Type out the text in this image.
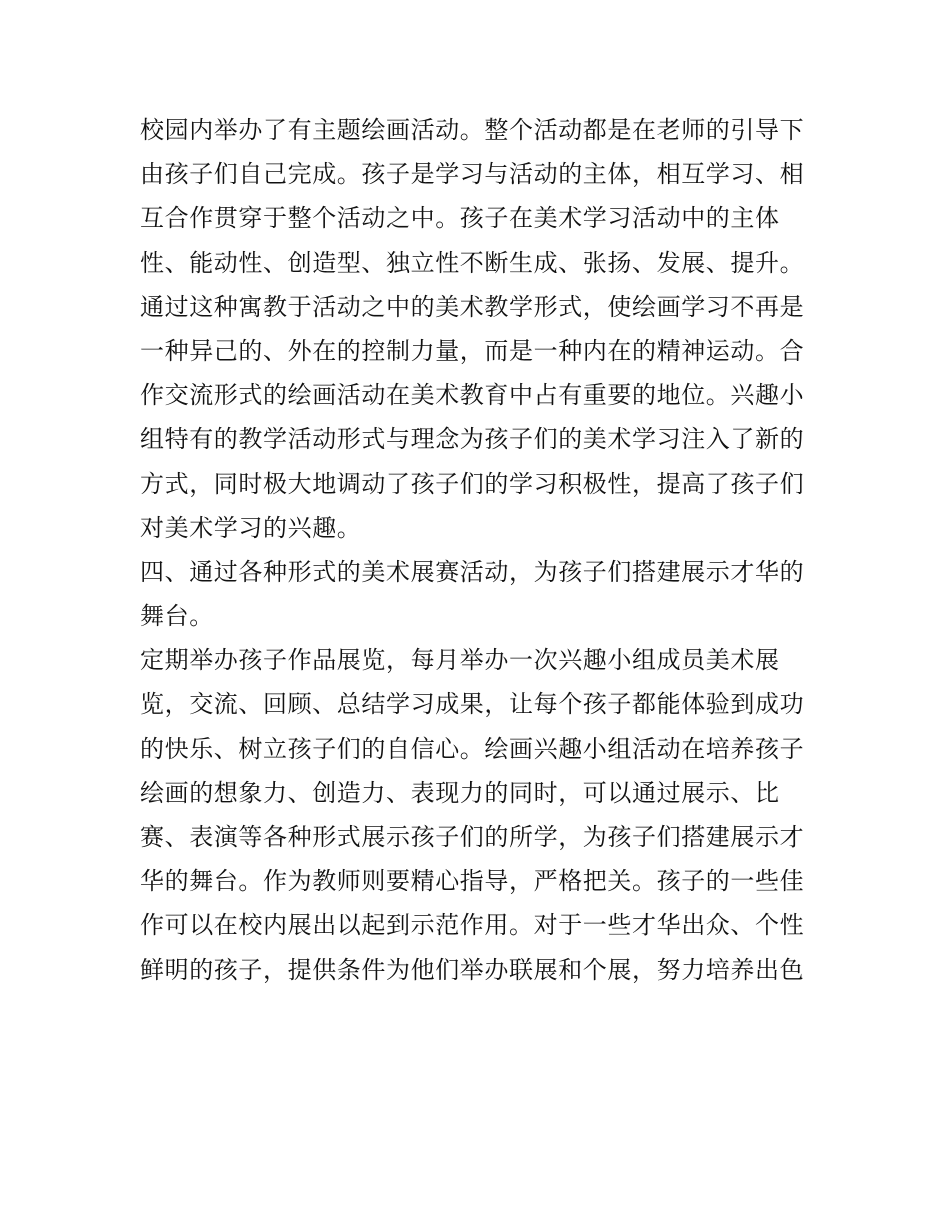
校园内举办了有主题绘画活动。整个活动都是在老师的引导下
由孩子们自己完成。孩子是学习与活动的主体，相互学习、相
互合作贯穿于整个活动之中。孩子在美术学习活动中的主体
性、能动性、创造型、独立性不断生成、张扬、发展、提升。
通过这种寓教于活动之中的美术教学形式，使绘画学习不再是
一种异己的、外在的控制力量，而是一种内在的精神运动。合
作交流形式的绘画活动在美术教育中占有重要的地位。兴趣小
组特有的教学活动形式与理念为孩子们的美术学习注入了新的
方式，同时极大地调动了孩子们的学习积极性，提高了孩子们
对美术学习的兴趣。
四、通过各种形式的美术展赛活动，为孩子们搭建展示才华的
舞台。
定期举办孩子作品展览，每月举办一次兴趣小组成员美术展
览，交流、回顾、总结学习成果，让每个孩子都能体验到成功
的快乐、树立孩子们的自信心。绘画兴趣小组活动在培养孩子
绘画的想象力、创造力、表现力的同时，可以通过展示、比
赛、表演等各种形式展示孩子们的所学，为孩子们搭建展示才
华的舞台。作为教师则要精心指导，严格把关。孩子的一些佳
作可以在校内展出以起到示范作用。对于一些才华出众、个性
鲜明的孩子，提供条件为他们举办联展和个展，努力培养出色
